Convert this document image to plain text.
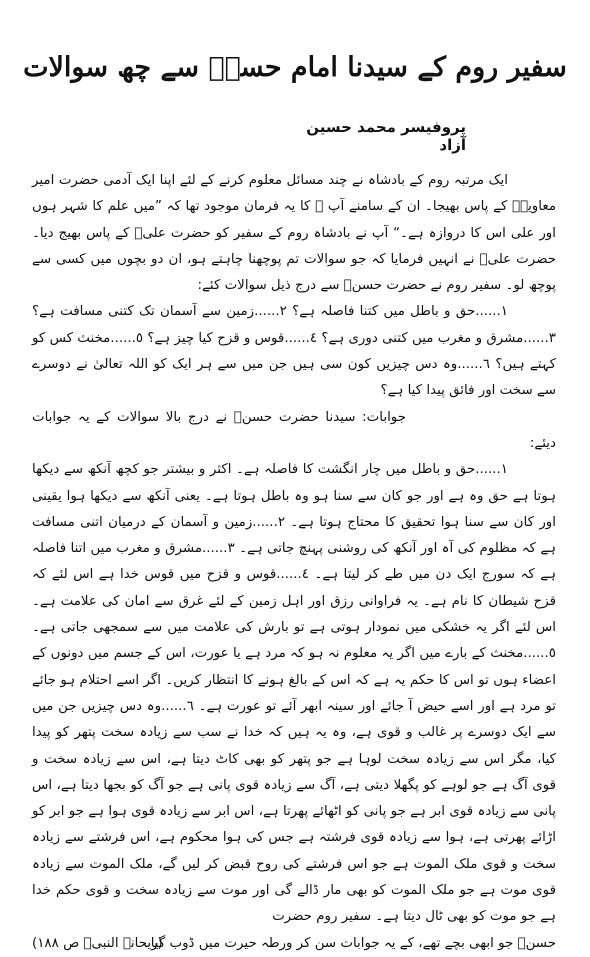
سفیر روم کے سیدنا امام حسنؓ سے چھ سوالات
پروفیسر محمد حسین آزاد

ایک مرتبہ روم کے بادشاہ نے چند مسائل معلوم کرنے کے لئے اپنا ایک آدمی حضرت امیر معاویہؓ کے پاس بھیجا۔ ان کے سامنے آپ ﷺ کا یہ فرمان موجود تھا کہ ”میں علم کا شہر ہوں اور علی اس کا دروازہ ہے۔“ آپ نے بادشاہ روم کے سفیر کو حضرت علیؓ کے پاس بھیج دیا۔ حضرت علیؓ نے انہیں فرمایا کہ جو سوالات تم پوچھنا چاہتے ہو، ان دو بچوں میں کسی سے پوچھ لو۔ سفیر روم نے حضرت حسنؓ سے درج ذیل سوالات کئے:

١......حق و باطل میں کتنا فاصلہ ہے؟ ٢......زمین سے آسمان تک کتنی مسافت ہے؟ ٣......مشرق و مغرب میں کتنی دوری ہے؟ ٤......قوس و قزح کیا چیز ہے؟ ٥......مخنث کس کو کہتے ہیں؟ ٦......وہ دس چیزیں کون سی ہیں جن میں سے ہر ایک کو اللہ تعالیٰ نے دوسرے سے سخت اور فائق پیدا کیا ہے؟

جوابات: سیدنا حضرت حسنؓ نے درج بالا سوالات کے یہ جوابات دیئے:

١......حق و باطل میں چار انگشت کا فاصلہ ہے۔ اکثر و بیشتر جو کچھ آنکھ سے دیکھا ہوتا ہے حق وہ ہے اور جو کان سے سنا ہو وہ باطل ہوتا ہے۔ یعنی آنکھ سے دیکھا ہوا یقینی اور کان سے سنا ہوا تحقیق کا محتاج ہوتا ہے۔ ٢......زمین و آسمان کے درمیان اتنی مسافت ہے کہ مظلوم کی آہ اور آنکھ کی روشنی پہنچ جاتی ہے۔ ٣......مشرق و مغرب میں اتنا فاصلہ ہے کہ سورج ایک دن میں طے کر لیتا ہے۔ ٤......قوس و قزح میں قوس خدا ہے اس لئے کہ قزح شیطان کا نام ہے۔ یہ فراوانی رزق اور اہل زمین کے لئے غرق سے امان کی علامت ہے۔ اس لئے اگر یہ خشکی میں نمودار ہوتی ہے تو بارش کی علامت میں سے سمجھی جاتی ہے۔ ٥......مخنث کے بارے میں اگر یہ معلوم نہ ہو کہ مرد ہے یا عورت، اس کے جسم میں دونوں کے اعضاء ہوں تو اس کا حکم یہ ہے کہ اس کے بالغ ہونے کا انتظار کریں۔ اگر اسے احتلام ہو جائے تو مرد ہے اور اسے حیض آ جائے اور سینہ ابھر آئے تو عورت ہے۔ ٦......وہ دس چیزیں جن میں سے ایک دوسرے پر غالب و قوی ہے، وہ یہ ہیں کہ خدا نے سب سے زیادہ سخت پتھر کو پیدا کیا، مگر اس سے زیادہ سخت لوہا ہے جو پتھر کو بھی کاٹ دیتا ہے، اس سے زیادہ سخت و قوی آگ ہے جو لوہے کو پگھلا دیتی ہے، آگ سے زیادہ قوی پانی ہے جو آگ کو بجھا دیتا ہے، اس پانی سے زیادہ قوی ابر ہے جو پانی کو اٹھائے پھرتا ہے، اس ابر سے زیادہ قوی ہوا ہے جو ابر کو اڑائے پھرتی ہے، ہوا سے زیادہ قوی فرشتہ ہے جس کی ہوا محکوم ہے، اس فرشتے سے زیادہ سخت و قوی ملک الموت ہے جو اس فرشتے کی روح قبض کر لیں گے، ملک الموت سے زیادہ قوی موت ہے جو ملک الموت کو بھی مار ڈالے گی اور موت سے زیادہ سخت و قوی حکم خدا ہے جو موت کو بھی ٹال دیتا ہے۔ سفیر روم حضرت

حسنؓ جو ابھی بچے تھے، کے یہ جوابات سن کر ورطہ حیرت میں ڈوب گیا۔
(ریحانۃ النبیؐ ص ۱۸۸)
